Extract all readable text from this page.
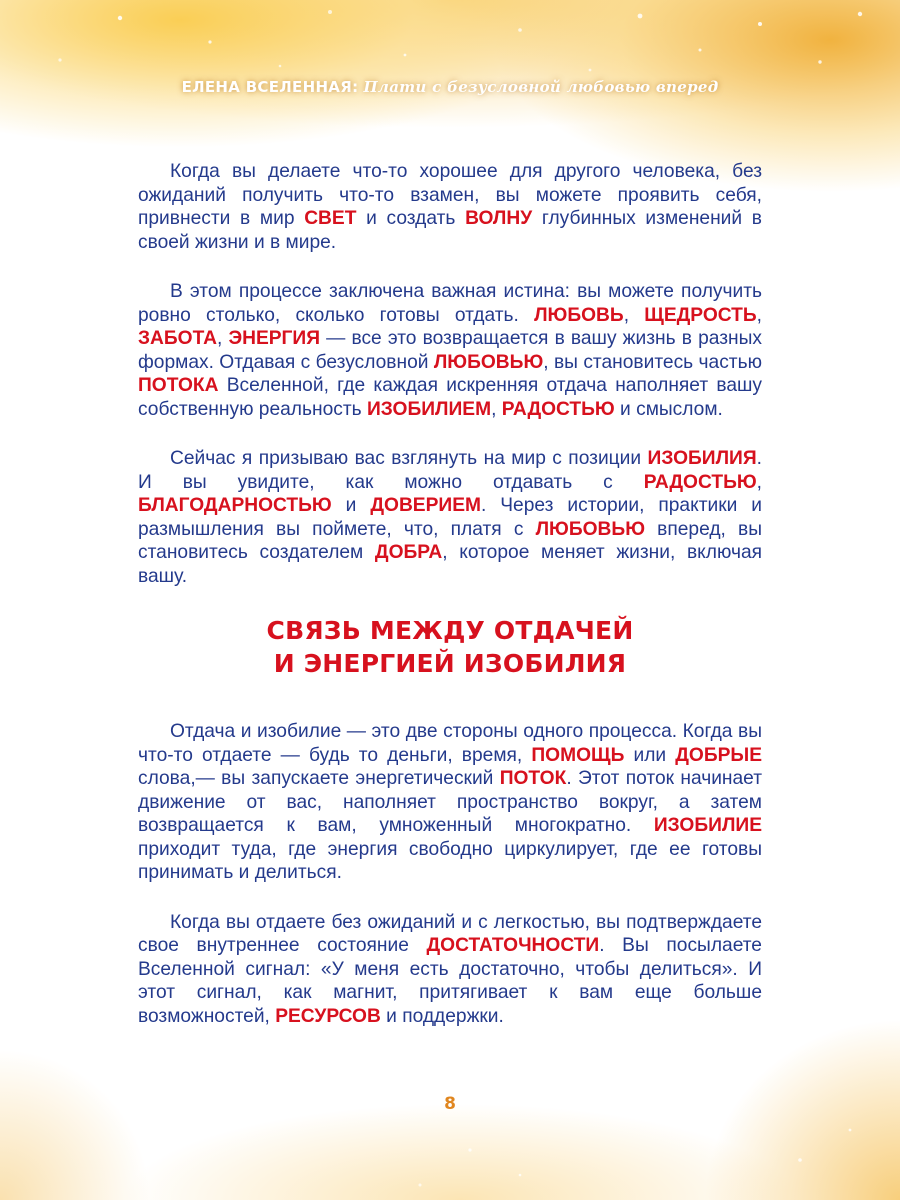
ЕЛЕНА ВСЕЛЕННАЯ: Плати с безусловной любовью вперед

Когда вы делаете что-то хорошее для другого человека, без ожиданий получить что-то взамен, вы можете проявить себя, привнести в мир СВЕТ и создать ВОЛНУ глубинных изменений в своей жизни и в мире.

В этом процессе заключена важная истина: вы можете получить ровно столько, сколько готовы отдать. ЛЮБОВЬ, ЩЕДРОСТЬ, ЗАБОТА, ЭНЕРГИЯ — все это возвращается в вашу жизнь в разных формах. Отдавая с безусловной ЛЮБОВЬЮ, вы становитесь частью ПОТОКА Вселенной, где каждая искренняя отдача наполняет вашу собственную реальность ИЗОБИЛИЕМ, РАДОСТЬЮ и смыслом.

Сейчас я призываю вас взглянуть на мир с позиции ИЗОБИЛИЯ. И вы увидите, как можно отдавать с РАДОСТЬЮ, БЛАГОДАРНОСТЬЮ и ДОВЕРИЕМ. Через истории, практики и размышления вы поймете, что, платя с ЛЮБОВЬЮ вперед, вы становитесь создателем ДОБРА, которое меняет жизни, включая вашу.

СВЯЗЬ МЕЖДУ ОТДАЧЕЙ
И ЭНЕРГИЕЙ ИЗОБИЛИЯ

Отдача и изобилие — это две стороны одного процесса. Когда вы что-то отдаете — будь то деньги, время, ПОМОЩЬ или ДОБРЫЕ слова,— вы запускаете энергетический ПОТОК. Этот поток начинает движение от вас, наполняет пространство вокруг, а затем возвращается к вам, умноженный многократно. ИЗОБИЛИЕ приходит туда, где энергия свободно циркулирует, где ее готовы принимать и делиться.

Когда вы отдаете без ожиданий и с легкостью, вы подтверждаете свое внутреннее состояние ДОСТАТОЧНОСТИ. Вы посылаете Вселенной сигнал: «У меня есть достаточно, чтобы делиться». И этот сигнал, как магнит, притягивает к вам еще больше возможностей, РЕСУРСОВ и поддержки.

8
